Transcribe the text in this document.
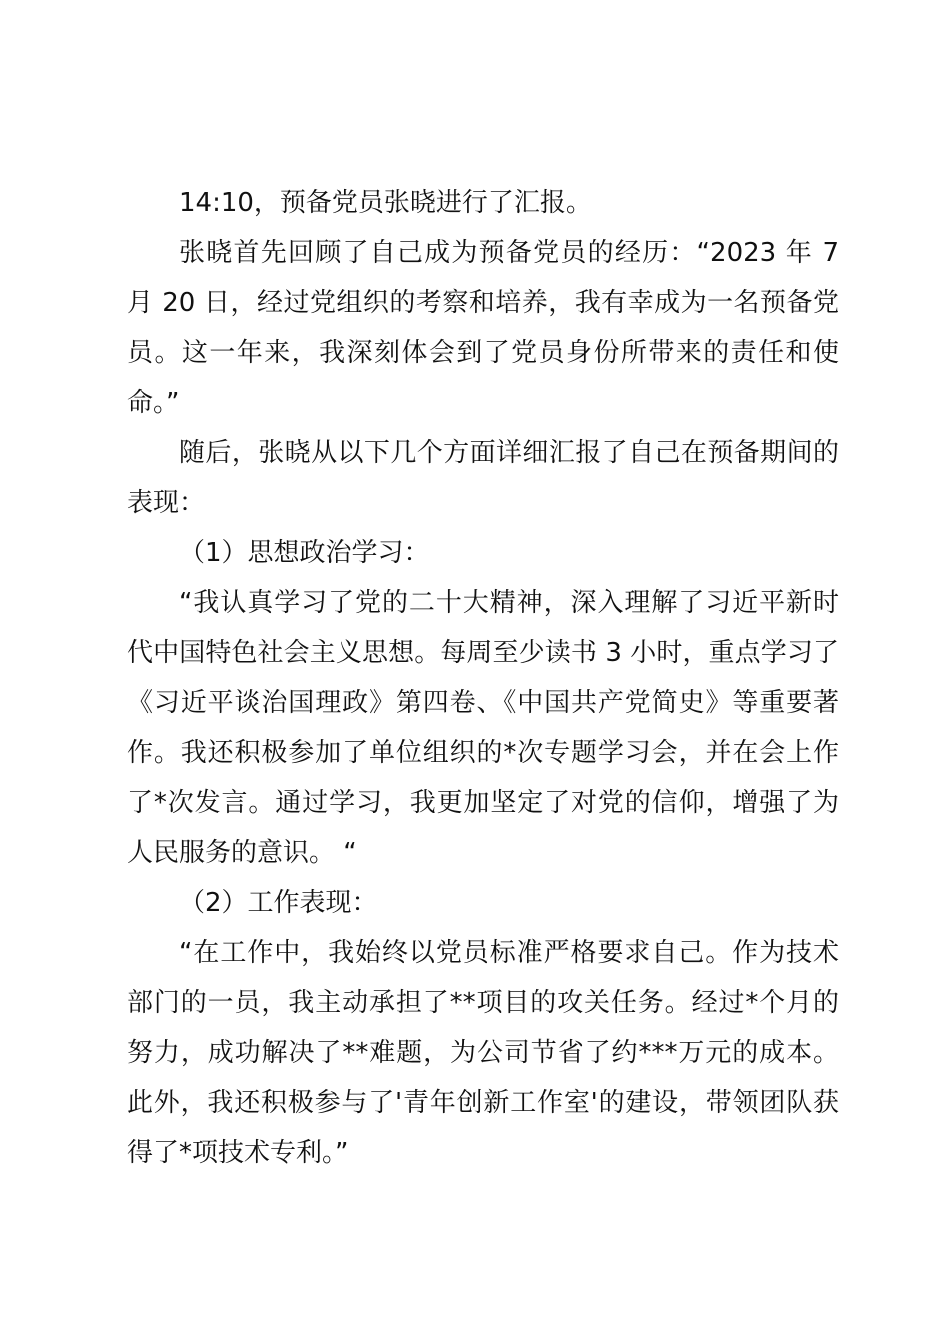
14:10，预备党员张晓进行了汇报。

张晓首先回顾了自己成为预备党员的经历：“2023 年 7 月 20 日，经过党组织的考察和培养，我有幸成为一名预备党员。这一年来，我深刻体会到了党员身份所带来的责任和使命。”

随后，张晓从以下几个方面详细汇报了自己在预备期间的表现：

（1）思想政治学习：

“我认真学习了党的二十大精神，深入理解了习近平新时代中国特色社会主义思想。每周至少读书 3 小时，重点学习了《习近平谈治国理政》第四卷、《中国共产党简史》等重要著作。我还积极参加了单位组织的*次专题学习会，并在会上作了*次发言。通过学习，我更加坚定了对党的信仰，增强了为人民服务的意识。 “

（2）工作表现：

“在工作中，我始终以党员标准严格要求自己。作为技术部门的一员，我主动承担了**项目的攻关任务。经过*个月的努力，成功解决了**难题，为公司节省了约***万元的成本。此外，我还积极参与了'青年创新工作室'的建设，带领团队获得了*项技术专利。”
